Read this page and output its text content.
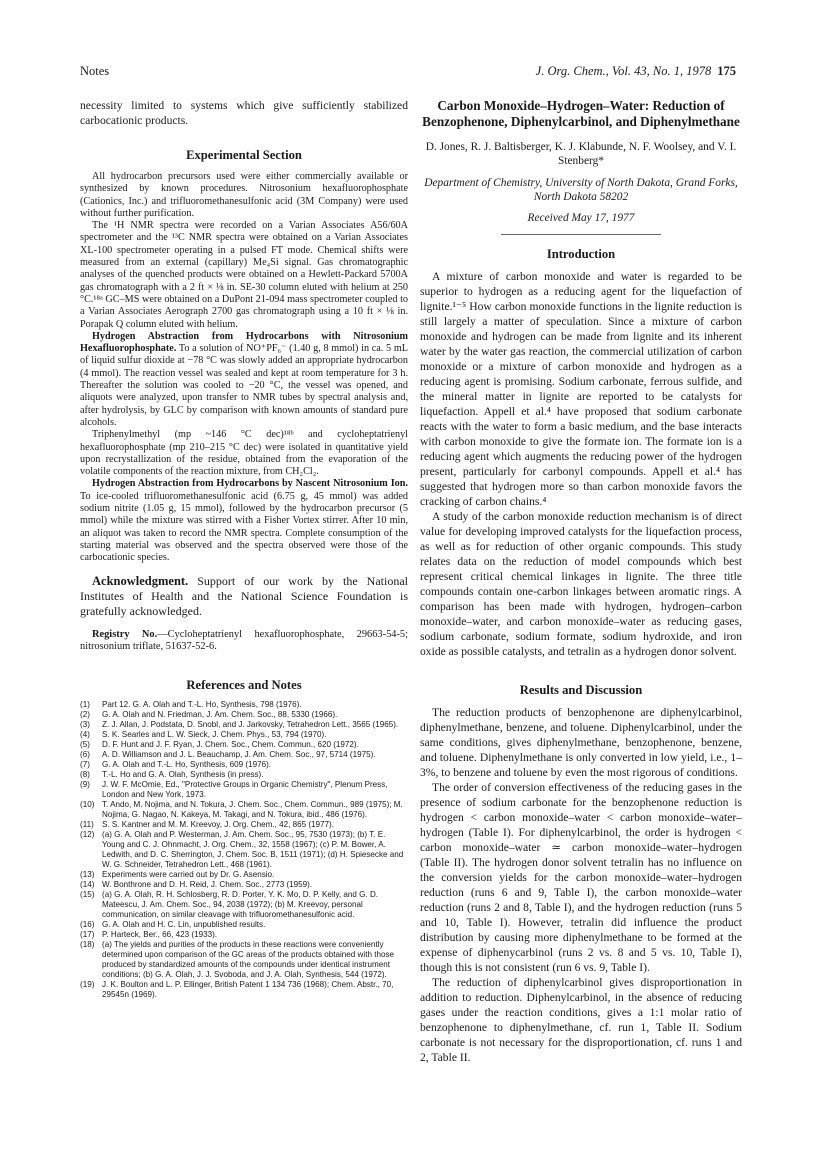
Notes	J. Org. Chem., Vol. 43, No. 1, 1978 175

necessity limited to systems which give sufficiently stabilized carbocationic products.

Experimental Section

All hydrocarbon precursors used were either commercially available or synthesized by known procedures. Nitrosonium hexafluorophosphate (Cationics, Inc.) and trifluoromethanesulfonic acid (3M Company) were used without further purification.

The ¹H NMR spectra were recorded on a Varian Associates A56/60A spectrometer and the ¹³C NMR spectra were obtained on a Varian Associates XL-100 spectrometer operating in a pulsed FT mode. Chemical shifts were measured from an external (capillary) Me₄Si signal. Gas chromatographic analyses of the quenched products were obtained on a Hewlett-Packard 5700A gas chromatograph with a 2 ft × ⅛ in. SE-30 column eluted with helium at 250 °C.¹⁸ᵃ GC–MS were obtained on a DuPont 21-094 mass spectrometer coupled to a Varian Associates Aerograph 2700 gas chromatograph using a 10 ft × ⅛ in. Porapak Q column eluted with helium.

Hydrogen Abstraction from Hydrocarbons with Nitrosonium Hexafluorophosphate. To a solution of NO⁺PF₆⁻ (1.40 g, 8 mmol) in ca. 5 mL of liquid sulfur dioxide at −78 °C was slowly added an appropriate hydrocarbon (4 mmol). The reaction vessel was sealed and kept at room temperature for 3 h. Thereafter the solution was cooled to −20 °C, the vessel was opened, and aliquots were analyzed, upon transfer to NMR tubes by spectral analysis and, after hydrolysis, by GLC by comparison with known amounts of standard pure alcohols.

Triphenylmethyl (mp ~146 °C dec)¹⁸ᵇ and cycloheptatrienyl hexafluorophosphate (mp 210–215 °C dec) were isolated in quantitative yield upon recrystallization of the residue, obtained from the evaporation of the volatile components of the reaction mixture, from CH₂Cl₂.

Hydrogen Abstraction from Hydrocarbons by Nascent Nitrosonium Ion. To ice-cooled trifluoromethanesulfonic acid (6.75 g, 45 mmol) was added sodium nitrite (1.05 g, 15 mmol), followed by the hydrocarbon precursor (5 mmol) while the mixture was stirred with a Fisher Vortex stirrer. After 10 min, an aliquot was taken to record the NMR spectra. Complete consumption of the starting material was observed and the spectra observed were those of the carbocationic species.

Acknowledgment. Support of our work by the National Institutes of Health and the National Science Foundation is gratefully acknowledged.

Registry No.—Cycloheptatrienyl hexafluorophosphate, 29663-54-5; nitrosonium triflate, 51637-52-6.

References and Notes
(1) Part 12. G. A. Olah and T.-L. Ho, Synthesis, 798 (1976).
(2) G. A. Olah and N. Friedman, J. Am. Chem. Soc., 88, 5330 (1966).
(3) Z. J. Allan, J. Podstata, D. Snobl, and J. Jarkovsky, Tetrahedron Lett., 3565 (1965).
(4) S. K. Searles and L. W. Sieck, J. Chem. Phys., 53, 794 (1970).
(5) D. F. Hunt and J. F. Ryan, J. Chem. Soc., Chem. Commun., 620 (1972).
(6) A. D. Williamson and J. L. Beauchamp, J. Am. Chem. Soc., 97, 5714 (1975).
(7) G. A. Olah and T.-L. Ho, Synthesis, 609 (1976).
(8) T.-L. Ho and G. A. Olah, Synthesis (in press).
(9) J. W. F. McOmie, Ed., "Protective Groups in Organic Chemistry", Plenum Press, London and New York, 1973.
(10) T. Ando, M. Nojima, and N. Tokura, J. Chem. Soc., Chem. Commun., 989 (1975); M. Nojima, G. Nagao, N. Kakeya, M. Takagi, and N. Tokura, ibid., 486 (1976).
(11) S. S. Kantner and M. M. Kreevoy, J. Org. Chem., 42, 865 (1977).
(12) (a) G. A. Olah and P. Westerman, J. Am. Chem. Soc., 95, 7530 (1973); (b) T. E. Young and C. J. Ohnmacht, J. Org. Chem., 32, 1558 (1967); (c) P. M. Bower, A. Ledwith, and D. C. Sherrington, J. Chem. Soc. B, 1511 (1971); (d) H. Spiesecke and W. G. Schneider, Tetrahedron Lett., 468 (1961).
(13) Experiments were carried out by Dr. G. Asensio.
(14) W. Bonthrone and D. H. Reid, J. Chem. Soc., 2773 (1959).
(15) (a) G. A. Olah, R. H. Schlosberg, R. D. Porter, Y. K. Mo, D. P. Kelly, and G. D. Mateescu, J. Am. Chem. Soc., 94, 2038 (1972); (b) M. Kreevoy, personal communication, on similar cleavage with trifluoromethanesulfonic acid.
(16) G. A. Olah and H. C. Lin, unpublished results.
(17) P. Harteck, Ber., 66, 423 (1933).
(18) (a) The yields and purities of the products in these reactions were conveniently determined upon comparison of the GC areas of the products obtained with those produced by standardized amounts of the compounds under identical instrument conditions; (b) G. A. Olah, J. J. Svoboda, and J. A. Olah, Synthesis, 544 (1972).
(19) J. K. Boulton and L. P. Ellinger, British Patent 1 134 736 (1968); Chem. Abstr., 70, 29545n (1969).
Carbon Monoxide–Hydrogen–Water: Reduction of Benzophenone, Diphenylcarbinol, and Diphenylmethane

D. Jones, R. J. Baltisberger, K. J. Klabunde, N. F. Woolsey, and V. I. Stenberg*

Department of Chemistry, University of North Dakota, Grand Forks, North Dakota 58202

Received May 17, 1977

Introduction

A mixture of carbon monoxide and water is regarded to be superior to hydrogen as a reducing agent for the liquefaction of lignite.¹⁻⁵ How carbon monoxide functions in the lignite reduction is still largely a matter of speculation. Since a mixture of carbon monoxide and hydrogen can be made from lignite and its inherent water by the water gas reaction, the commercial utilization of carbon monoxide or a mixture of carbon monoxide and hydrogen as a reducing agent is promising. Sodium carbonate, ferrous sulfide, and the mineral matter in lignite are reported to be catalysts for liquefaction. Appell et al.⁴ have proposed that sodium carbonate reacts with the water to form a basic medium, and the base interacts with carbon monoxide to give the formate ion. The formate ion is a reducing agent which augments the reducing power of the hydrogen present, particularly for carbonyl compounds. Appell et al.⁴ has suggested that hydrogen more so than carbon monoxide favors the cracking of carbon chains.⁴

A study of the carbon monoxide reduction mechanism is of direct value for developing improved catalysts for the liquefaction process, as well as for reduction of other organic compounds. This study relates data on the reduction of model compounds which best represent critical chemical linkages in lignite. The three title compounds contain one-carbon linkages between aromatic rings. A comparison has been made with hydrogen, hydrogen–carbon monoxide–water, and carbon monoxide–water as reducing gases, sodium carbonate, sodium formate, sodium hydroxide, and iron oxide as possible catalysts, and tetralin as a hydrogen donor solvent.

Results and Discussion

The reduction products of benzophenone are diphenylcarbinol, diphenylmethane, benzene, and toluene. Diphenylcarbinol, under the same conditions, gives diphenylmethane, benzophenone, benzene, and toluene. Diphenylmethane is only converted in low yield, i.e., 1–3%, to benzene and toluene by even the most rigorous of conditions.

The order of conversion effectiveness of the reducing gases in the presence of sodium carbonate for the benzophenone reduction is hydrogen < carbon monoxide–water < carbon monoxide–water–hydrogen (Table I). For diphenylcarbinol, the order is hydrogen < carbon monoxide–water ≃ carbon monoxide–water–hydrogen (Table II). The hydrogen donor solvent tetralin has no influence on the conversion yields for the carbon monoxide–water–hydrogen reduction (runs 6 and 9, Table I), the carbon monoxide–water reduction (runs 2 and 8, Table I), and the hydrogen reduction (runs 5 and 10, Table I). However, tetralin did influence the product distribution by causing more diphenylmethane to be formed at the expense of diphenycarbinol (runs 2 vs. 8 and 5 vs. 10, Table I), though this is not consistent (run 6 vs. 9, Table I).

The reduction of diphenylcarbinol gives disproportionation in addition to reduction. Diphenylcarbinol, in the absence of reducing gases under the reaction conditions, gives a 1:1 molar ratio of benzophenone to diphenylmethane, cf. run 1, Table II. Sodium carbonate is not necessary for the disproportionation, cf. runs 1 and 2, Table II.
